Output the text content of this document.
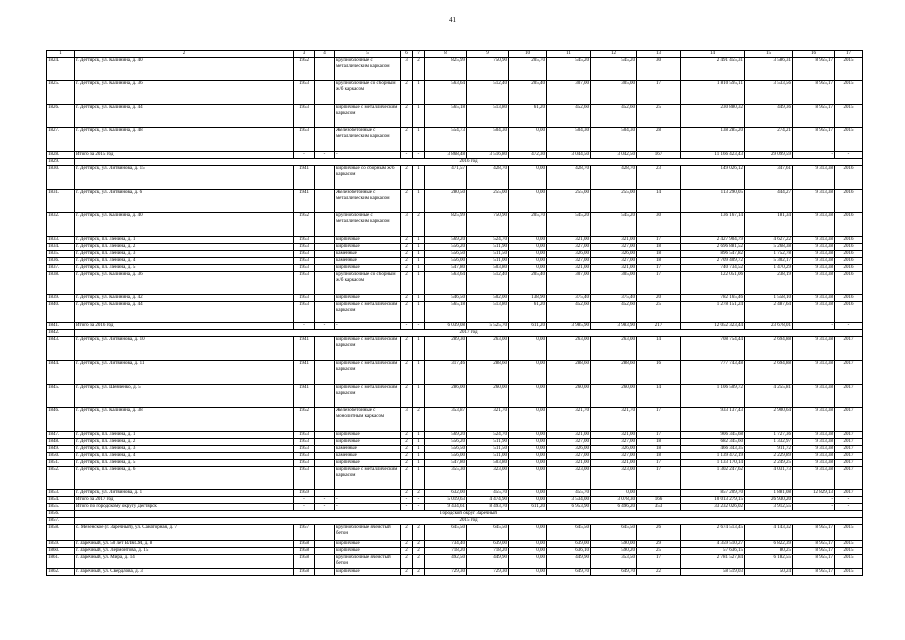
41
1	2	3	4	5	6	7	8	9	10	11	12	13	14	15	16	17
1824.	г. Дегтярск, ул. Калинина, д. 40	1952		крупноблочные с металлическим каркасом	3	2	825,99	750,90	205,70	545,20	545,20	30	2 491 455,31	3 586,31	8 955,17	2015
1825.	г. Дегтярск, ул. Калинина, д. 36	1953		крупноблочные со сборным ж/б каркасом	2	1	563,64	512,40	205,40	307,00	305,00	17	1 810 595,11	3 533,56	8 955,17	2015
1826.	г. Дегтярск, ул. Калинина, д. 44	1953		кирпичные с металлическим каркасом	2	1	565,18	513,80	61,20	452,60	452,60	25	230 880,32	449,36	8 955,17	2015
1827.	г. Дегтярск, ул. Калинина, д. 48	1953		Железобетонные с металлическим каркасом	2	1	554,73	504,30	0,00	504,30	504,30	28	138 285,20	274,21	8 955,17	2015
1828.	Итого за 2015 год	-	-	-	-	-	3 868,48	3 516,80	472,30	3 044,50	3 042,50	167	11 166 423,43	29 099,59	-	-
1829.	2016 год															
1830.	г. Дегтярск, ул. Литвинова, д. 15	1941		кирпичные со сборным ж/б каркасом	2	1	471,57	428,70	0,00	428,70	428,70	23	149 026,12	347,61	9 313,38	2016
1831.	г. Дегтярск, ул. Литвинова, д. 6	1941		Железобетонные с металлическим каркасом	2	1	280,50	255,00	0,00	255,00	255,00	14	113 290,05	444,27	9 313,38	2016
1832.	г. Дегтярск, ул. Калинина, д. 40	1952		крупноблочные с металлическим каркасом	3	2	825,99	750,90	205,70	545,20	545,20	30	136 167,14	181,34	9 313,38	2016
1833.	г. Дегтярск, пл. Ленина, д. 1	1953		кирпичные	2	1	569,20	524,70	0,00	321,00	321,00	17	2 427 904,79	4 627,22	9 313,38	2016
1834.	г. Дегтярск, пл. Ленина, д. 2	1953		кирпичные	2	1	556,20	511,90	0,00	327,00	327,00	18	2 696 881,52	5 268,38	9 313,38	2016
1835.	г. Дегтярск, пл. Ленина, д. 3	1953		каменные	2	1	556,50	511,50	0,00	326,00	326,00	18	896 547,82	1 752,78	9 313,38	2016
1836.	г. Дегтярск, пл. Ленина, д. 4	1953		каменные	2	1	556,00	511,00	0,00	327,00	327,00	18	2 709 409,72	5 302,17	9 313,38	2016
1837.	г. Дегтярск, пл. Ленина, д. 5	1953		кирпичные	2	1	547,80	503,80	0,00	321,00	321,00	17	740 734,52	1 470,29	9 313,38	2016
1838.	г. Дегтярск, ул. Калинина, д. 36	1953		крупноблочные со сборным ж/б каркасом	2	1	563,64	512,40	205,40	307,00	305,00	17	122 051,06	238,19	9 313,38	2016
1839.	г. Дегтярск, ул. Калинина, д. 42	1953		кирпичные	2	1	546,50	502,00	138,90	375,40	375,40	20	782 165,46	1 558,10	9 313,38	2016
1840.	г. Дегтярск, ул. Калинина, д. 44	1953		кирпичные с металлическим каркасом	2	1	565,18	513,80	61,20	452,60	452,60	25	1 278 151,24	2 487,64	9 313,38	2016
1841.	Итого за 2016 год	-	-	-	-	-	6 039,08	5 525,70	611,20	3 985,90	3 983,90	217	12 052 323,44	23 678,01	-	-
1842.	2017 год															
1843.	г. Дегтярск, ул. Литвинова, д. 10	1941		кирпичные с металлическим каркасом	2	1	289,30	263,00	0,00	263,00	263,00	14	708 754,44	2 694,88	9 313,38	2017
1844.	г. Дегтярск, ул. Литвинова, д. 11	1941		кирпичные с металлическим каркасом	2	1	317,46	288,60	0,00	288,60	288,60	16	777 743,48	2 694,88	9 313,38	2017
1845.	г. Дегтярск, ул. Шевченко, д. 5	1941		кирпичные с металлическим каркасом	2	1	286,00	260,00	0,00	260,00	260,00	14	1 106 509,72	4 255,81	9 313,38	2017
1846.	г. Дегтярск, ул. Калинина, д. 38	1952		Железобетонные с монолитным каркасом	3	2	353,87	321,70	0,00	321,70	321,70	17	933 137,43	2 900,64	9 313,38	2017
1847.	г. Дегтярск, пл. Ленина, д. 1	1953		кирпичные	2	1	569,20	524,70	0,00	321,00	321,00	17	906 345,68	1 727,36	9 313,38	2017
1848.	г. Дегтярск, пл. Ленина, д. 2	1953		кирпичные	2	1	556,20	511,90	0,00	327,00	327,00	18	682 345,60	1 332,97	9 313,38	2017
1849.	г. Дегтярск, пл. Ленина, д. 3	1953		каменные	2	1	556,50	511,50	0,00	326,00	326,00	18	466 343,35	911,72	9 313,38	2017
1850.	г. Дегтярск, пл. Ленина, д. 4	1953		каменные	2	1	556,00	511,00	0,00	327,00	327,00	18	1 139 472,19	2 229,89	9 313,38	2017
1851.	г. Дегтярск, пл. Ленина, д. 5	1953		кирпичные	2	1	547,80	503,80	0,00	321,00	321,00	17	1 133 170,14	2 249,25	9 313,38	2017
1852.	г. Дегтярск, пл. Ленина, д. 6	1953		кирпичные с металлическим каркасом	2	1	355,30	323,00	0,00	323,00	323,00	17	1 302 247,62	4 031,73	9 313,38	2017
1853.	г. Дегтярск, ул. Литвинова, д. 1	1959			2	2	632,00	455,70	0,00	455,70	0,00		857 209,70	1 881,08	12 829,13	2017
1854.	Итого за 2017 год	-	-	-	-	-	5 019,63	4 474,90	0,00	3 534,00	3 078,30	166	10 013 279,15	26 930,20	-	-
1855.	Итого по городскому округу Дегтярск	-	-	-	-	-	9 434,61	8 493,70	611,20	6 953,90	6 496,20	353	33 232 026,02	3 912,55	-	-
1856.	Городской округ Заречный															
1857.	2015 год															
1858.	с. Мезенское (г. Заречный), ул. Санаторная, д. 7	1957		крупноблочные ячеистый бетон	2	2	645,50	645,50	0,00	645,50	645,50	26	2 674 513,45	4 143,32	8 955,17	2015
1859.	г. Заречный, ул. 50 лет ВЛКСМ, д. 8	1958		кирпичные	2	2	734,40	639,00	0,00	639,00	590,00	29	4 359 510,27	6 822,39	8 955,17	2015
1860.	г. Заречный, ул. Лермонтова, д. 15	1958		кирпичные	2	2	718,20	718,20	0,00	636,10	590,20	25	57 636,15	80,25	8 955,17	2015
1861.	г. Заречный, ул. Мира, д. 14	1958		крупноблочные ячеистый бетон	2	2	492,50	449,90	0,00	449,90	353,50	17	2 781 527,84	6 182,55	8 955,17	2015
1862.	г. Заречный, ул. Свердлова, д. 3	1958		кирпичные	2	2	729,30	729,30	0,00	649,70	649,70	22	58 519,03	50,24	8 955,17	2015
